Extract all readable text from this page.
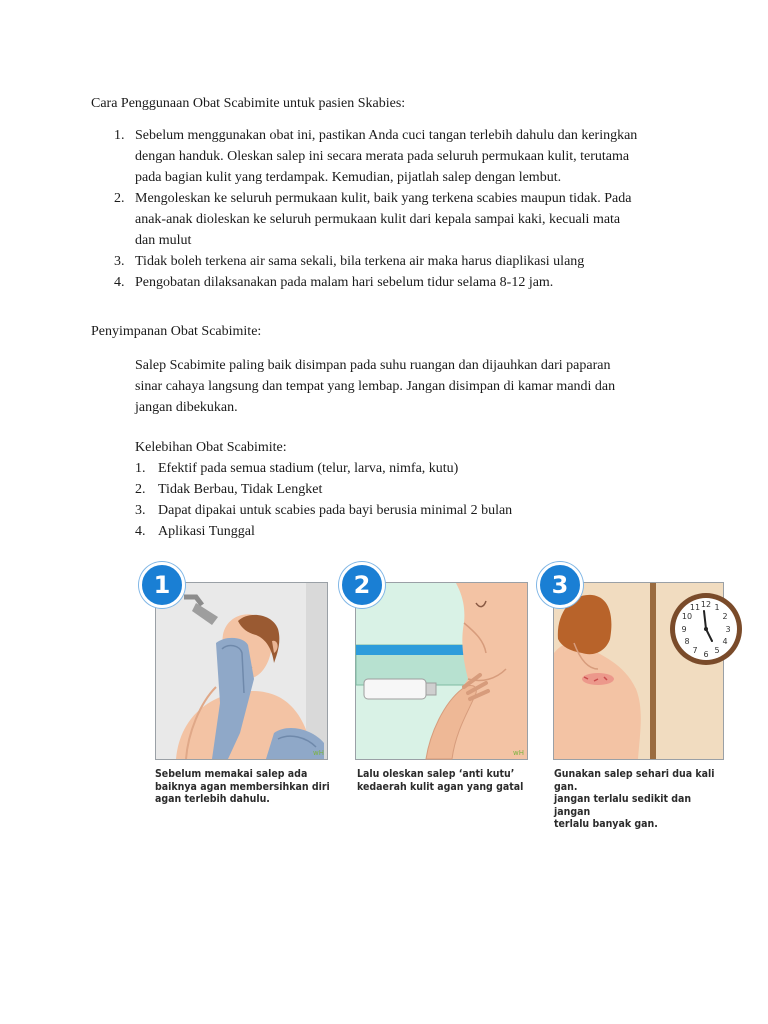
Cara Penggunaan Obat Scabimite untuk pasien Skabies:

1. Sebelum menggunakan obat ini, pastikan Anda cuci tangan terlebih dahulu dan keringkan
dengan handuk. Oleskan salep ini secara merata pada seluruh permukaan kulit, terutama
pada bagian kulit yang terdampak. Kemudian, pijatlah salep dengan lembut.
2. Mengoleskan ke seluruh permukaan kulit, baik yang terkena scabies maupun tidak. Pada
anak-anak dioleskan ke seluruh permukaan kulit dari kepala sampai kaki, kecuali mata
dan mulut
3. Tidak boleh terkena air sama sekali, bila terkena air maka harus diaplikasi ulang
4. Pengobatan dilaksanakan pada malam hari sebelum tidur selama 8-12 jam.

Penyimpanan Obat Scabimite:

Salep Scabimite paling baik disimpan pada suhu ruangan dan dijauhkan dari paparan
sinar cahaya langsung dan tempat yang lembap. Jangan disimpan di kamar mandi dan
jangan dibekukan.

Kelebihan Obat Scabimite:

1. Efektif pada semua stadium (telur, larva, nimfa, kutu)
2. Tidak Berbau, Tidak Lengket
3. Dapat dipakai untuk scabies pada bayi berusia minimal 2 bulan
4. Aplikasi Tunggal
wH
1

Sebelum memakai salep ada
baiknya agan membersihkan diri
agan terlebih dahulu.

wH
2

Lalu oleskan salep ‘anti kutu’
kedaerah kulit agan yang gatal

12 1
2
3
4
5
6
7
8
9
10
11
3

Gunakan salep sehari dua kali gan.
jangan terlalu sedikit dan jangan
terlalu banyak gan.
